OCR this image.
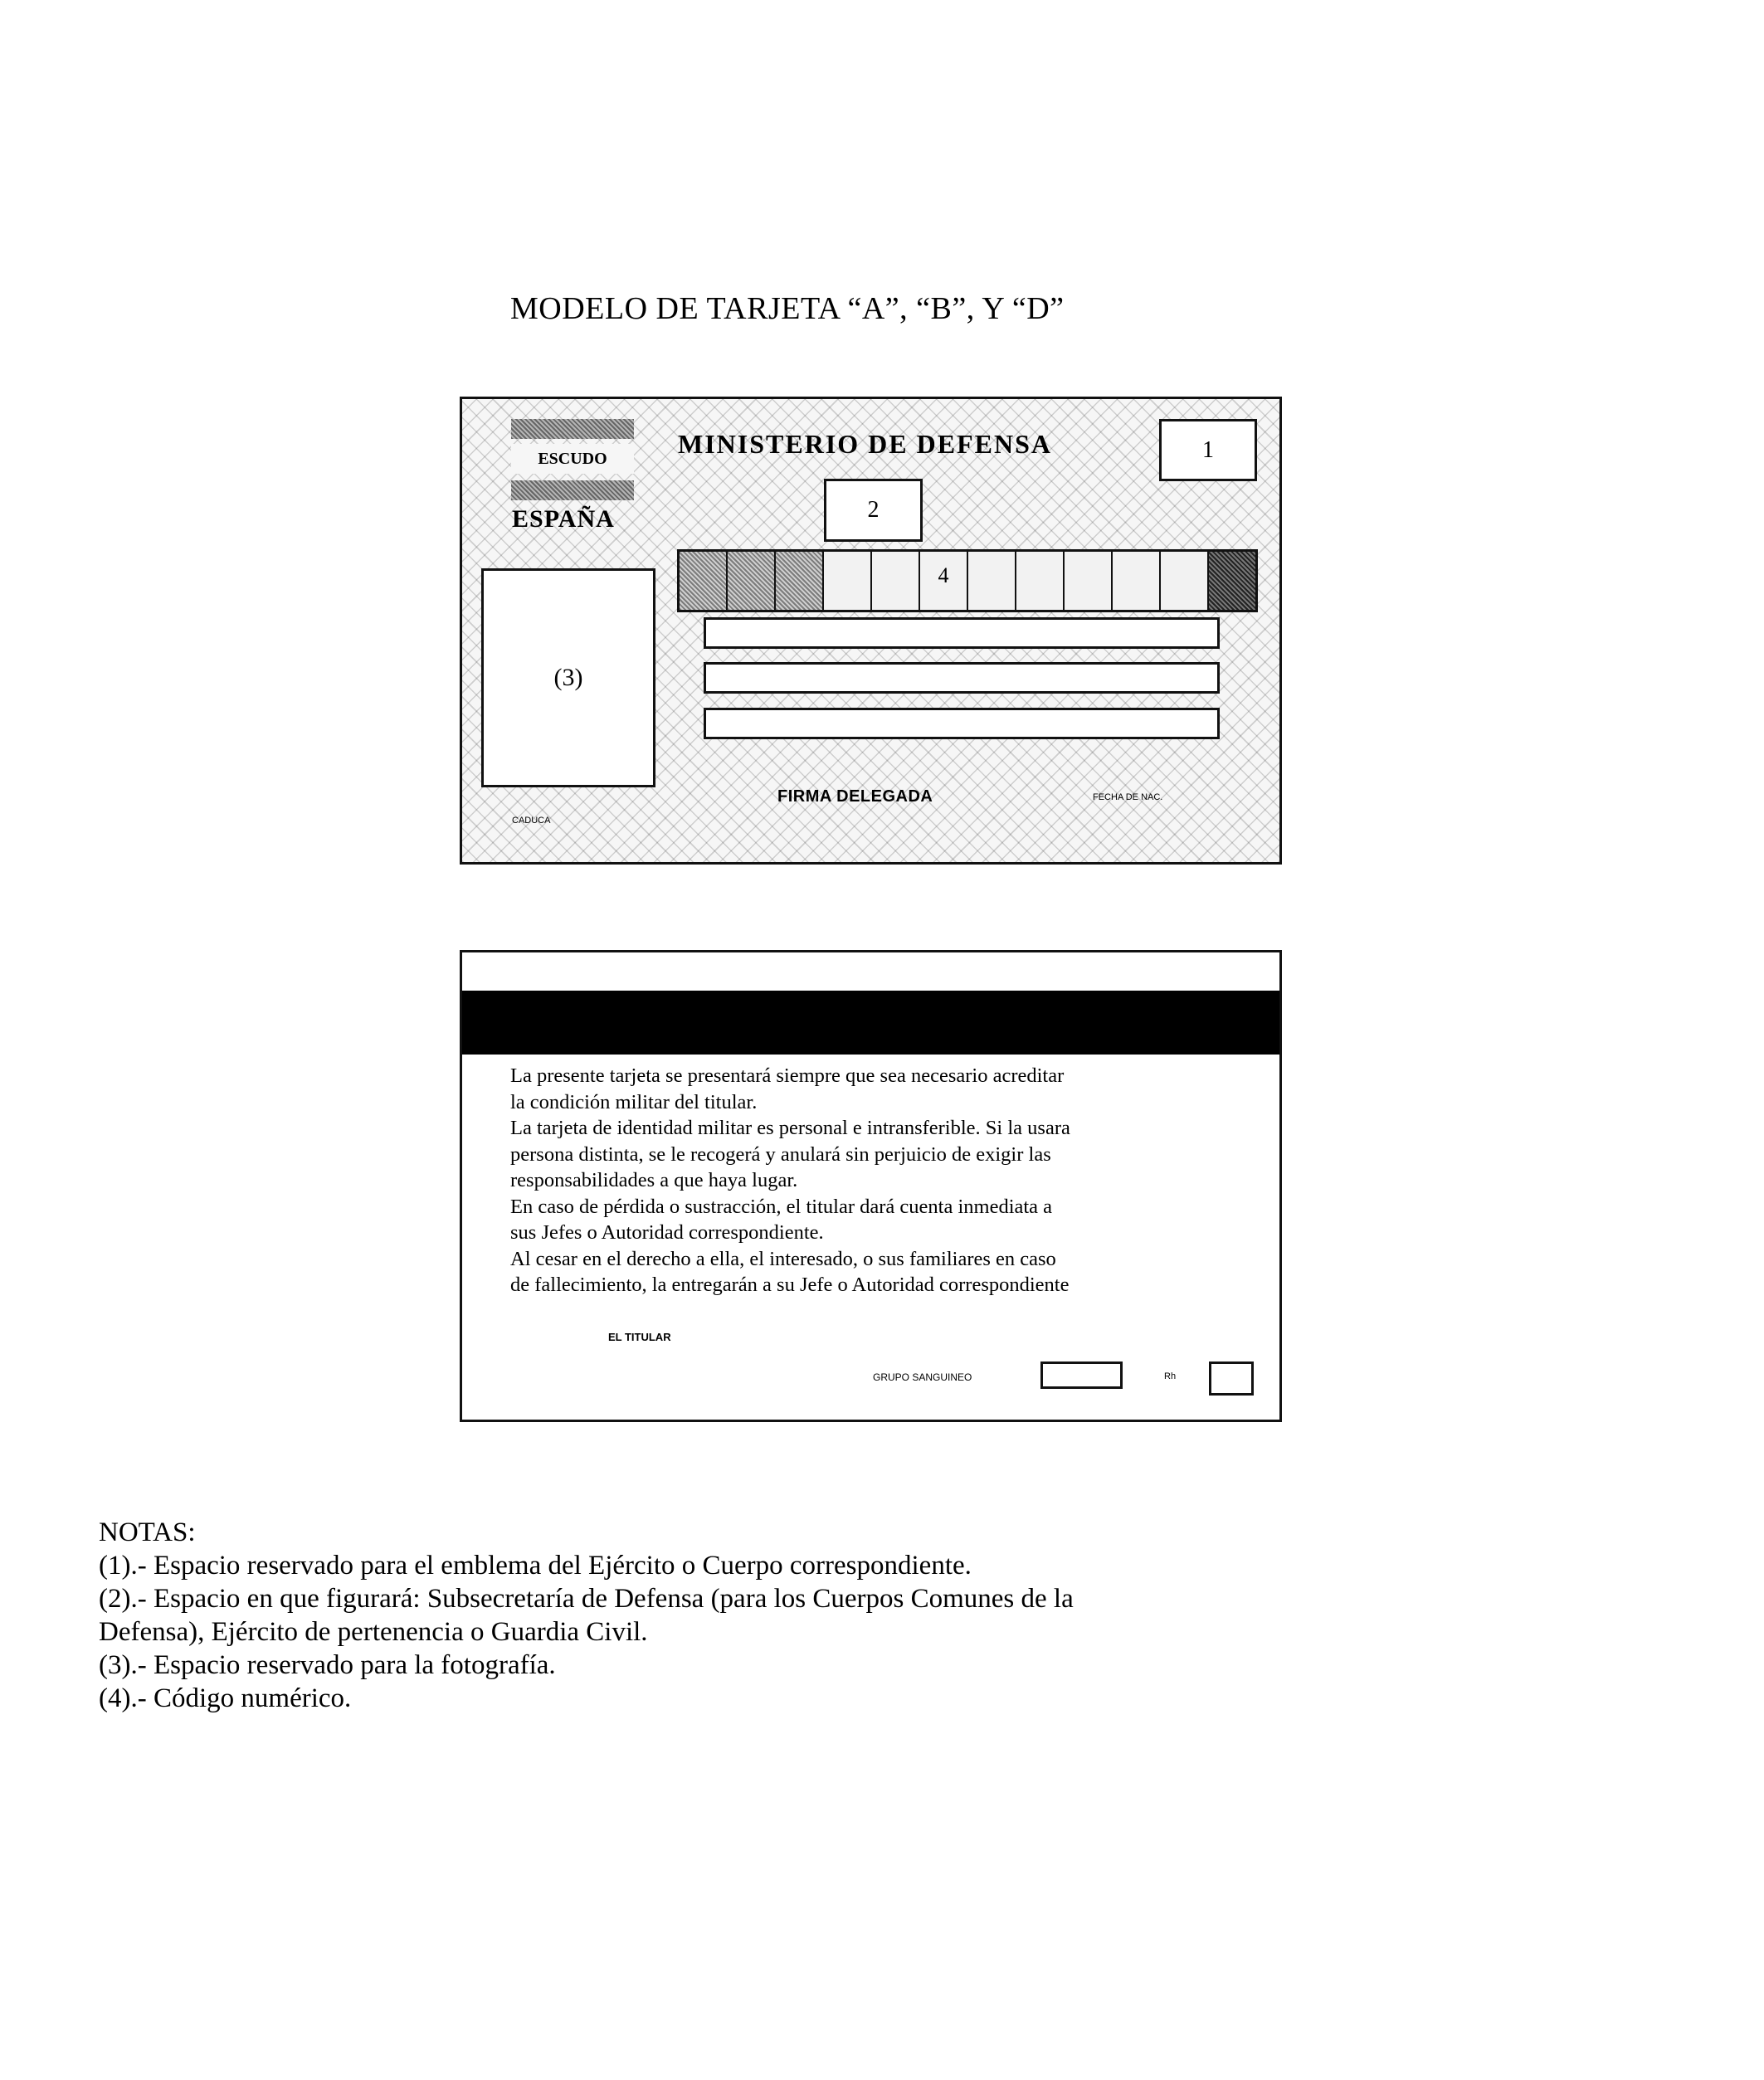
MODELO DE TARJETA “A”, “B”, Y “D”
ESCUDO
ESPAÑA
MINISTERIO DE DEFENSA	1
2
4
(3)
FIRMA DELEGADA	FECHA DE NAC.
CADUCA
La presente tarjeta se presentará siempre que sea necesario acreditar
la condición militar del titular.
La tarjeta de identidad militar es personal e intransferible. Si la usara
persona distinta, se le recogerá y anulará sin perjuicio de exigir las
responsabilidades a que haya lugar.
En caso de pérdida o sustracción, el titular dará cuenta inmediata a
sus Jefes o Autoridad correspondiente.
Al cesar en el derecho a ella, el interesado, o sus familiares en caso
de fallecimiento, la entregarán a su Jefe o Autoridad correspondiente
EL TITULAR
GRUPO SANGUINEO	Rh
NOTAS:
(1).- Espacio reservado para el emblema del Ejército o Cuerpo correspondiente.
(2).- Espacio en que figurará: Subsecretaría de Defensa (para los Cuerpos Comunes de la
Defensa), Ejército de pertenencia o Guardia Civil.
(3).- Espacio reservado para la fotografía.
(4).- Código numérico.
